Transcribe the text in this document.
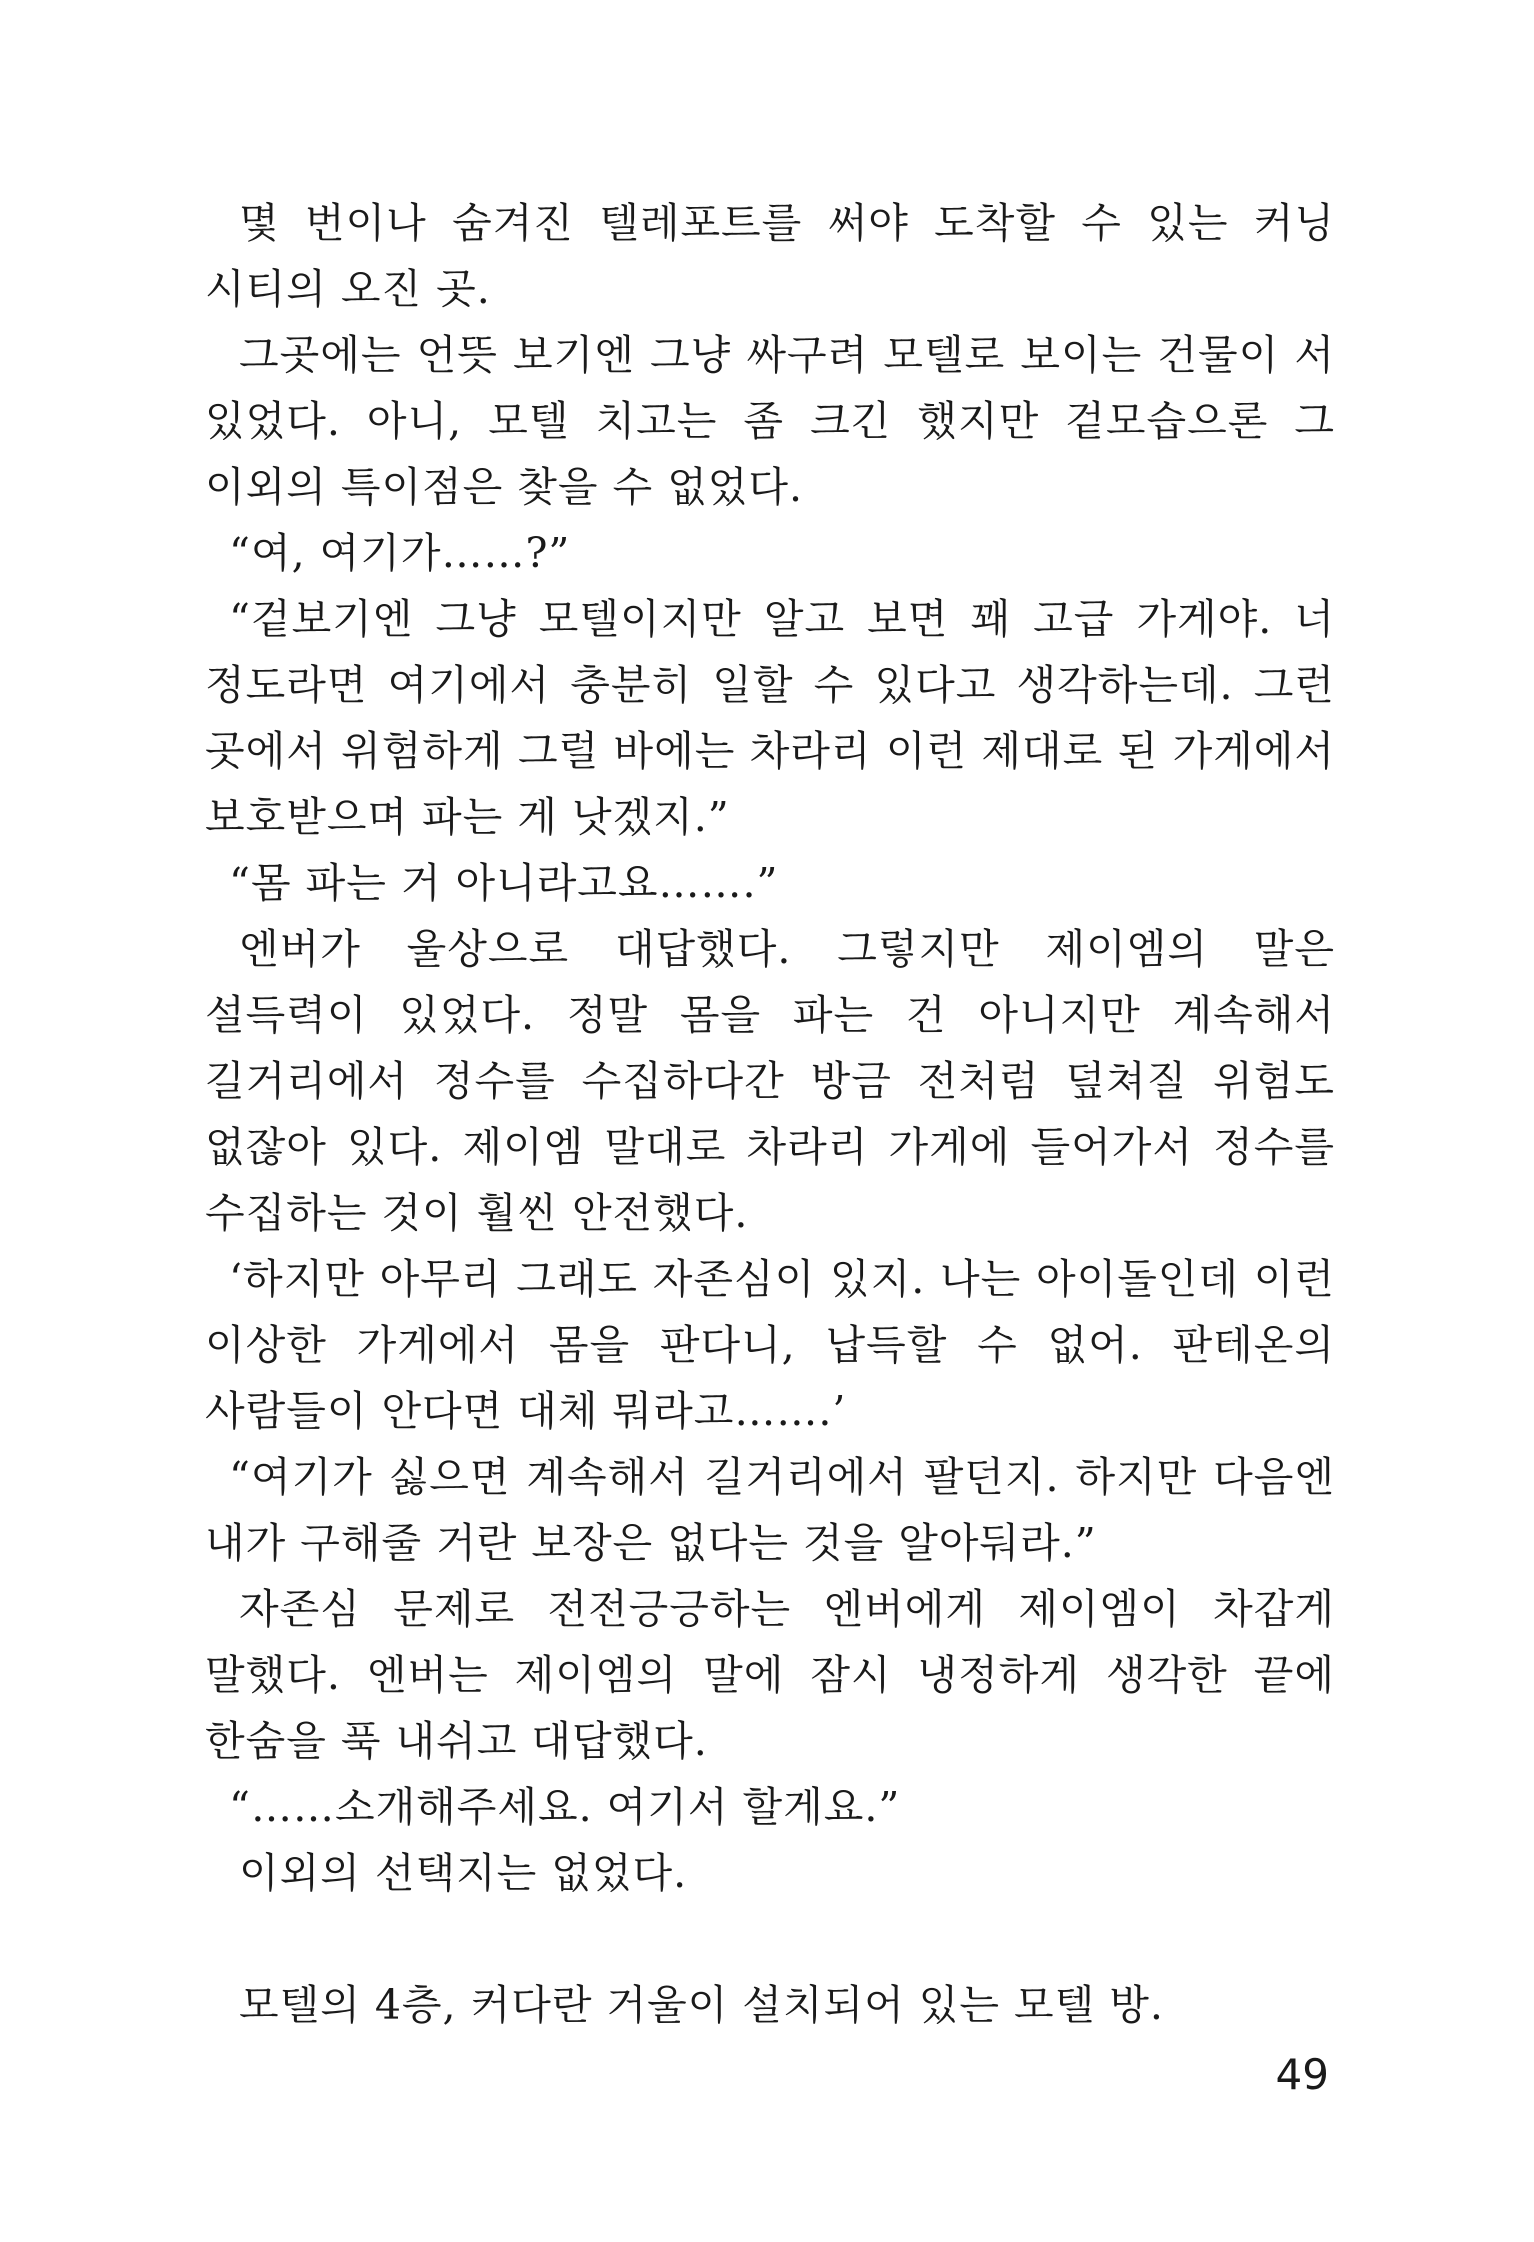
몇 번이나 숨겨진 텔레포트를 써야 도착할 수 있는 커닝 시티의 오진 곳.

그곳에는 언뜻 보기엔 그냥 싸구려 모텔로 보이는 건물이 서 있었다. 아니, 모텔 치고는 좀 크긴 했지만 겉모습으론 그 이외의 특이점은 찾을 수 없었다.

“여, 여기가……?”

“겉보기엔 그냥 모텔이지만 알고 보면 꽤 고급 가게야. 너 정도라면 여기에서 충분히 일할 수 있다고 생각하는데. 그런 곳에서 위험하게 그럴 바에는 차라리 이런 제대로 된 가게에서 보호받으며 파는 게 낫겠지.”

“몸 파는 거 아니라고요…….”

엔버가 울상으로 대답했다. 그렇지만 제이엠의 말은 설득력이 있었다. 정말 몸을 파는 건 아니지만 계속해서 길거리에서 정수를 수집하다간 방금 전처럼 덮쳐질 위험도 없잖아 있다. 제이엠 말대로 차라리 가게에 들어가서 정수를 수집하는 것이 훨씬 안전했다.

‘하지만 아무리 그래도 자존심이 있지. 나는 아이돌인데 이런 이상한 가게에서 몸을 판다니, 납득할 수 없어. 판테온의 사람들이 안다면 대체 뭐라고…….’

“여기가 싫으면 계속해서 길거리에서 팔던지. 하지만 다음엔 내가 구해줄 거란 보장은 없다는 것을 알아둬라.”

자존심 문제로 전전긍긍하는 엔버에게 제이엠이 차갑게 말했다. 엔버는 제이엠의 말에 잠시 냉정하게 생각한 끝에 한숨을 푹 내쉬고 대답했다.

“……소개해주세요. 여기서 할게요.”

이외의 선택지는 없었다.

모텔의 4층, 커다란 거울이 설치되어 있는 모텔 방.

49
